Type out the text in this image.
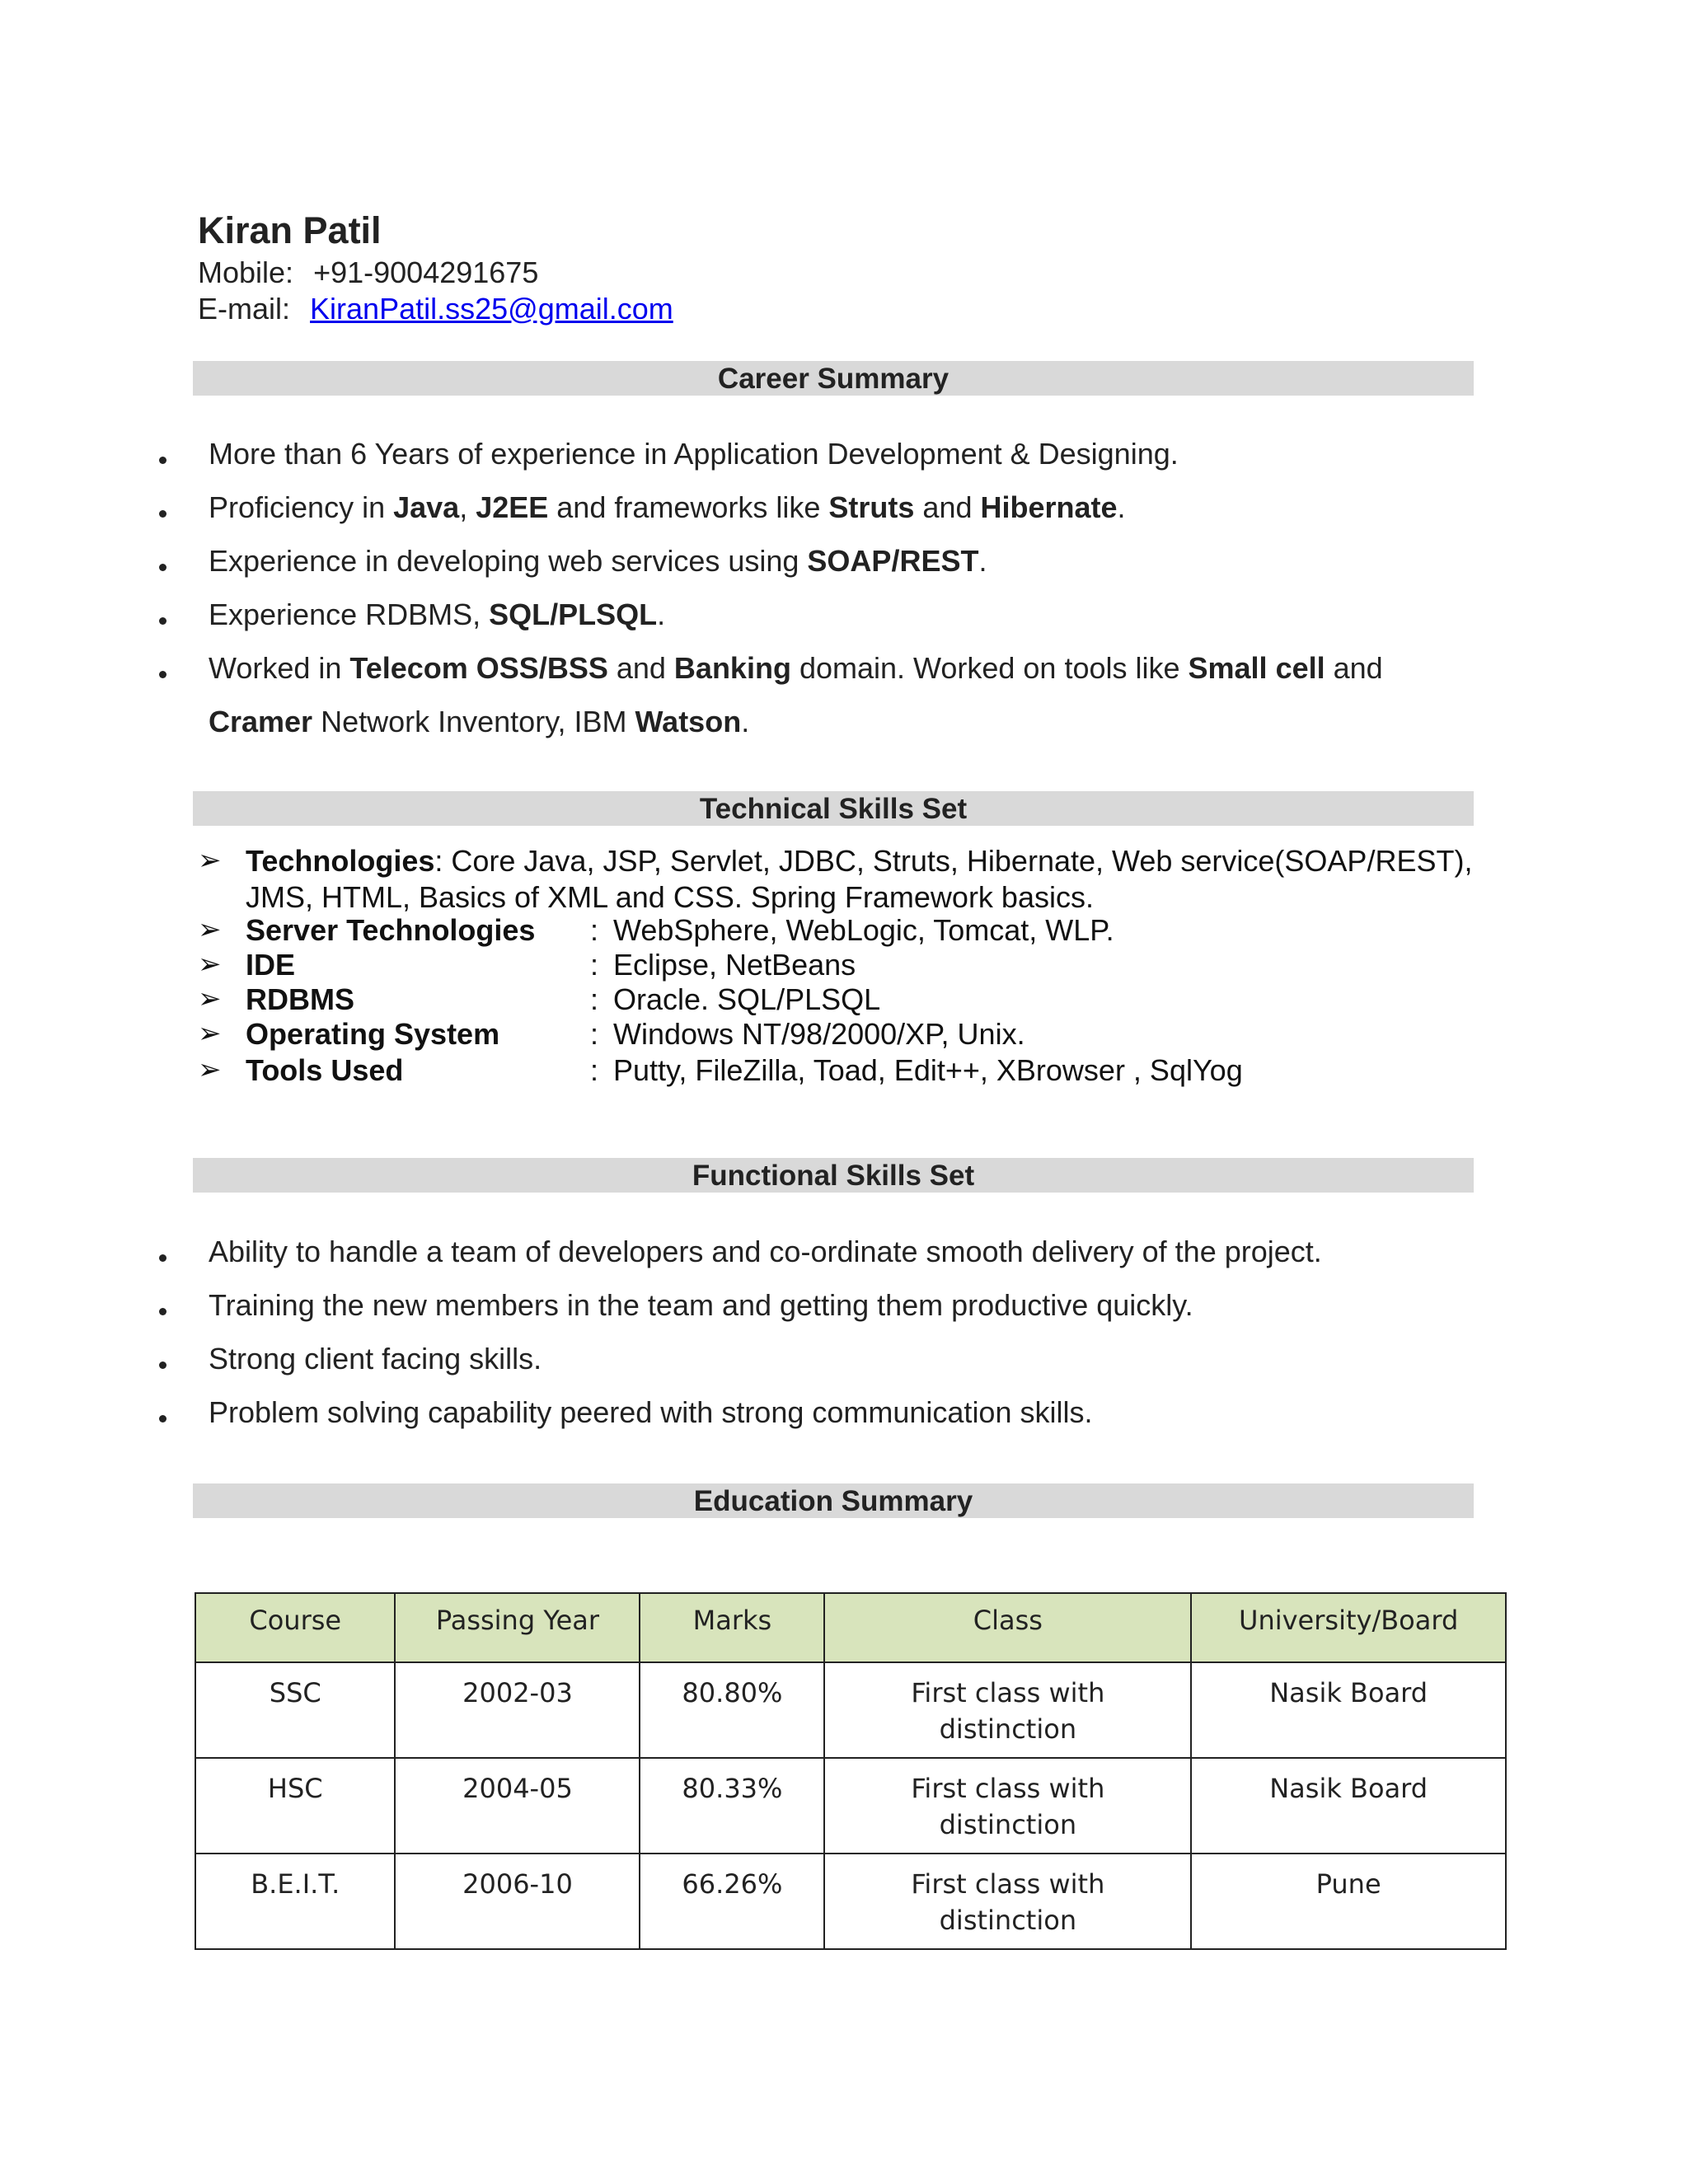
Kiran Patil
Mobile: +91-9004291675
E-mail: KiranPatil.ss25@gmail.com
Career Summary
More than 6 Years of experience in Application Development & Designing.
Proficiency in Java, J2EE and frameworks like Struts and Hibernate.
Experience in developing web services using SOAP/REST.
Experience RDBMS, SQL/PLSQL.
Worked in Telecom OSS/BSS and Banking domain. Worked on tools like Small cell and
Cramer Network Inventory, IBM Watson.
Technical Skills Set
➢ Technologies: Core Java, JSP, Servlet, JDBC, Struts, Hibernate, Web service(SOAP/REST),
JMS, HTML, Basics of XML and CSS. Spring Framework basics.
➢ Server Technologies : WebSphere, WebLogic, Tomcat, WLP.
➢ IDE	: Eclipse, NetBeans
➢ RDBMS	: Oracle. SQL/PLSQL
➢ Operating System	: Windows NT/98/2000/XP, Unix.
➢ Tools Used	: Putty, FileZilla, Toad, Edit++, XBrowser , SqlYog
Functional Skills Set
Ability to handle a team of developers and co-ordinate smooth delivery of the project.
Training the new members in the team and getting them productive quickly.
Strong client facing skills.
Problem solving capability peered with strong communication skills.
Education Summary
Course	Passing Year	Marks	Class	University/Board
SSC	2002-03	80.80%	First class with distinction	Nasik Board
HSC	2004-05	80.33%	First class with distinction	Nasik Board
B.E.I.T.	2006-10	66.26%	First class with distinction	Pune
